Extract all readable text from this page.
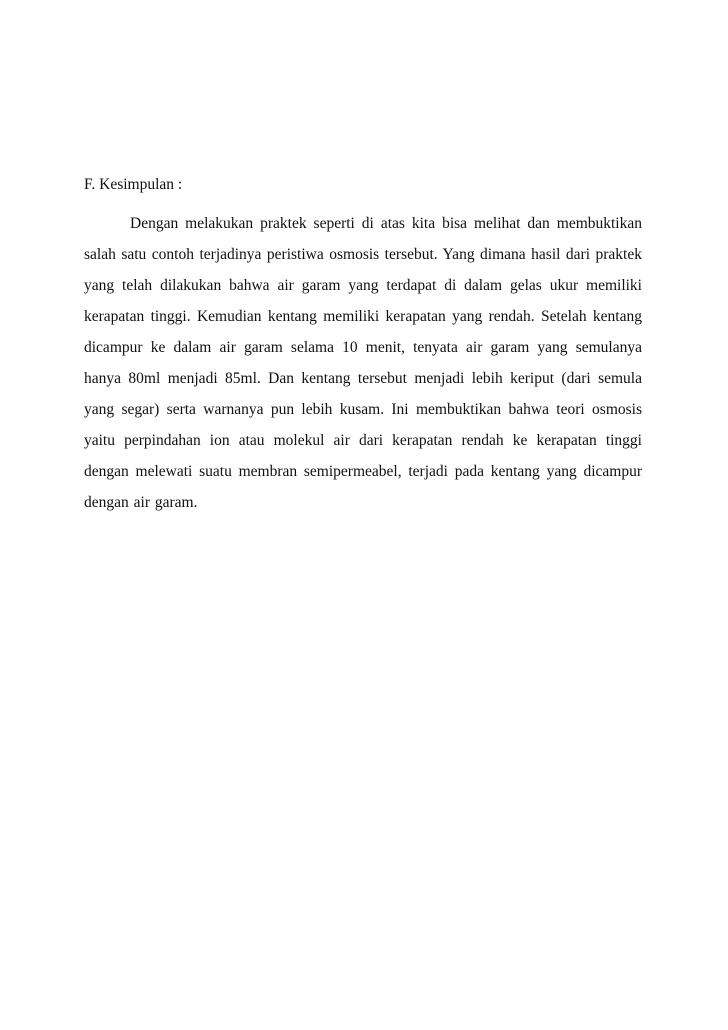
F. Kesimpulan :

Dengan melakukan praktek seperti di atas kita bisa melihat dan membuktikan salah satu contoh terjadinya peristiwa osmosis tersebut. Yang dimana hasil dari praktek yang telah dilakukan bahwa air garam yang terdapat di dalam gelas ukur memiliki kerapatan tinggi. Kemudian kentang memiliki kerapatan yang rendah. Setelah kentang dicampur ke dalam air garam selama 10 menit, tenyata air garam yang semulanya hanya 80ml menjadi 85ml. Dan kentang tersebut menjadi lebih keriput (dari semula yang segar) serta warnanya pun lebih kusam. Ini membuktikan bahwa teori osmosis yaitu perpindahan ion atau molekul air dari kerapatan rendah ke kerapatan tinggi dengan melewati suatu membran semipermeabel, terjadi pada kentang yang dicampur dengan air garam.
